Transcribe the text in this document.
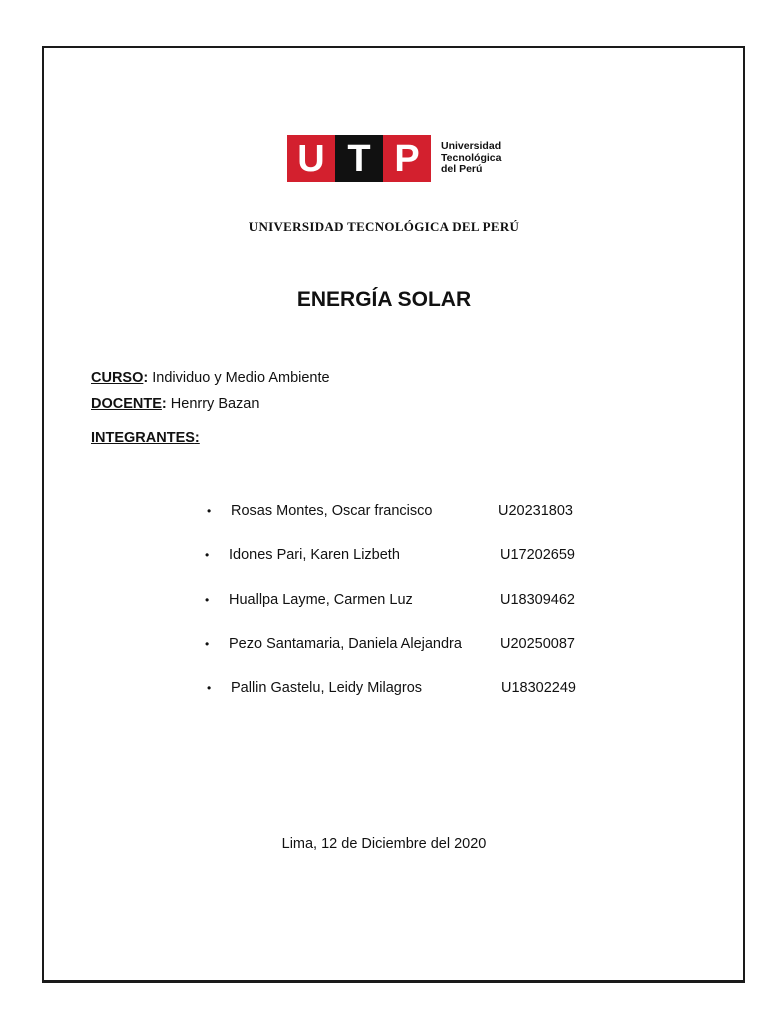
U T P	Universidad
Tecnológica
del Perú
UNIVERSIDAD TECNOLÓGICA DEL PERÚ
ENERGÍA SOLAR
CURSO: Individuo y Medio Ambiente
DOCENTE: Henrry Bazan
INTEGRANTES:
• Rosas Montes, Oscar francisco	U20231803
• Idones Pari, Karen Lizbeth	U17202659
• Huallpa Layme, Carmen Luz	U18309462
• Pezo Santamaria, Daniela Alejandra	U20250087
• Pallin Gastelu, Leidy Milagros	U18302249
Lima, 12 de Diciembre del 2020
